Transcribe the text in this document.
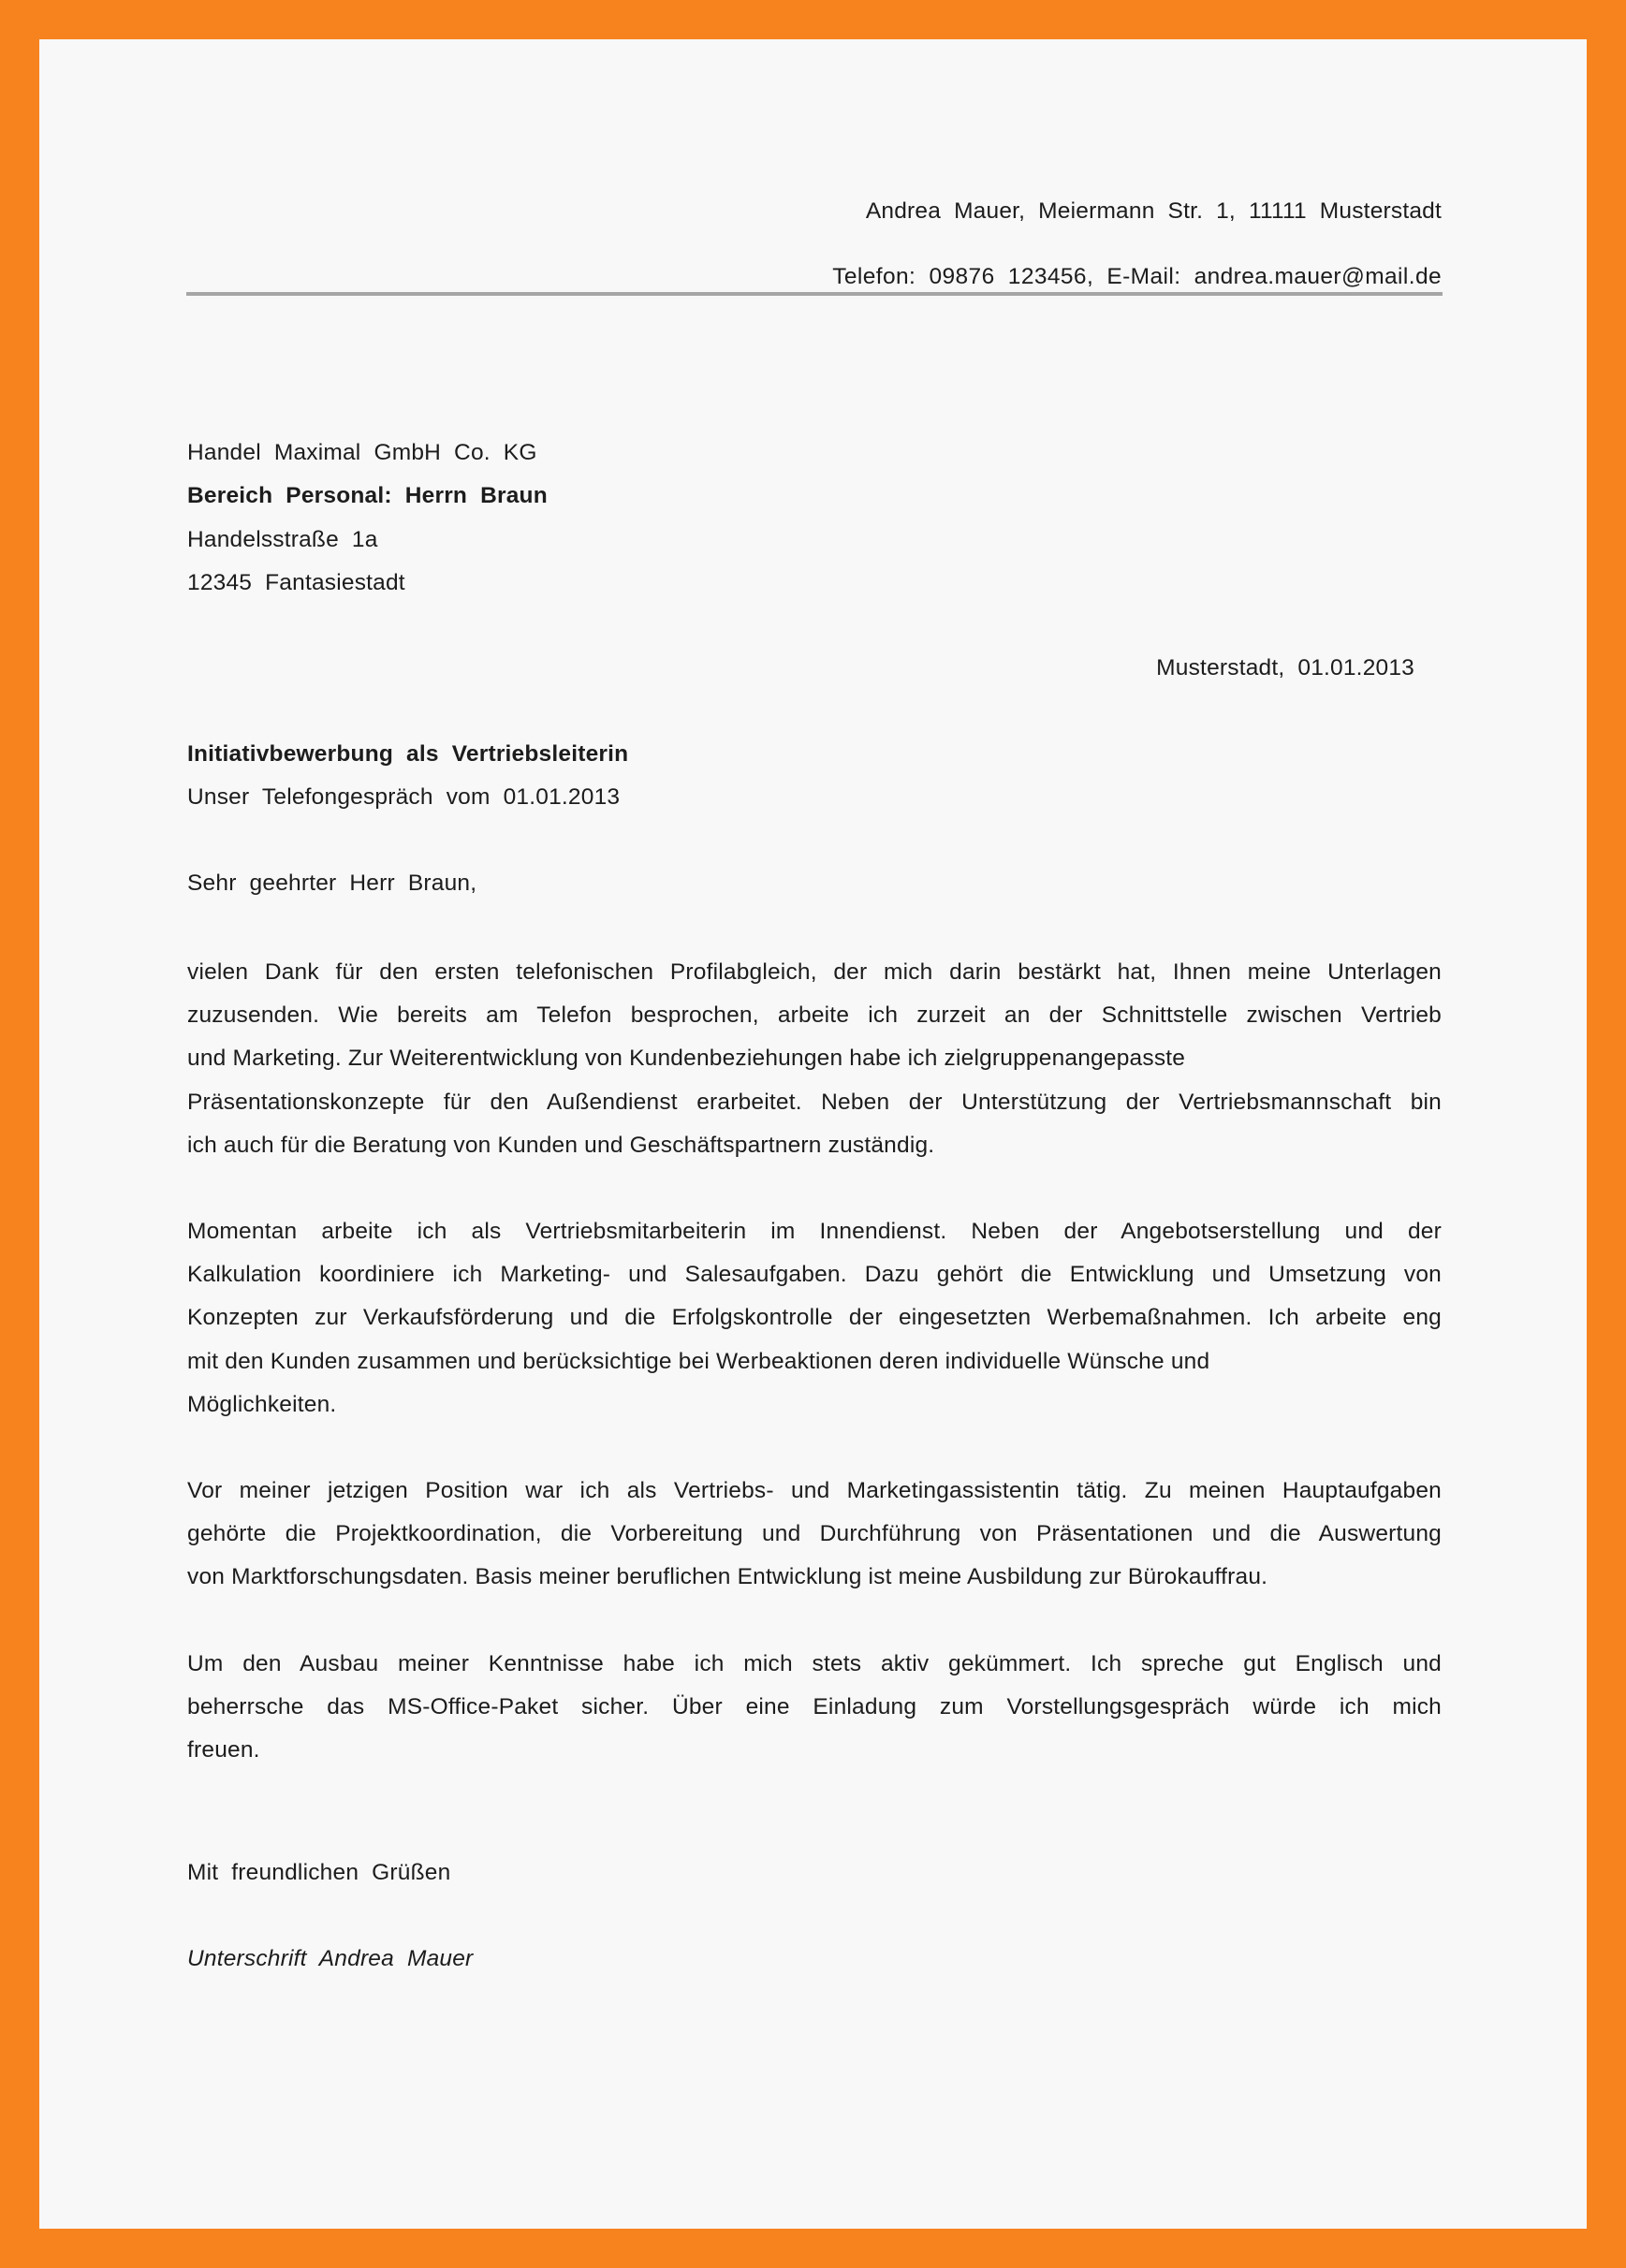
Andrea Mauer, Meiermann Str. 1, 11111 Musterstadt
Telefon: 09876 123456, E-Mail: andrea.mauer@mail.de
Handel Maximal GmbH Co. KG
Bereich Personal: Herrn Braun
Handelsstraße 1a
12345 Fantasiestadt
Musterstadt, 01.01.2013
Initiativbewerbung als Vertriebsleiterin
Unser Telefongespräch vom 01.01.2013
Sehr geehrter Herr Braun,
vielen Dank für den ersten telefonischen Profilabgleich, der mich darin bestärkt hat, Ihnen meine Unterlagen
zuzusenden. Wie bereits am Telefon besprochen, arbeite ich zurzeit an der Schnittstelle zwischen Vertrieb
und Marketing. Zur Weiterentwicklung von Kundenbeziehungen habe ich zielgruppenangepasste
Präsentationskonzepte für den Außendienst erarbeitet. Neben der Unterstützung der Vertriebsmannschaft bin
ich auch für die Beratung von Kunden und Geschäftspartnern zuständig.
Momentan arbeite ich als Vertriebsmitarbeiterin im Innendienst. Neben der Angebotserstellung und der
Kalkulation koordiniere ich Marketing- und Salesaufgaben. Dazu gehört die Entwicklung und Umsetzung von
Konzepten zur Verkaufsförderung und die Erfolgskontrolle der eingesetzten Werbemaßnahmen. Ich arbeite eng
mit den Kunden zusammen und berücksichtige bei Werbeaktionen deren individuelle Wünsche und
Möglichkeiten.
Vor meiner jetzigen Position war ich als Vertriebs- und Marketingassistentin tätig. Zu meinen Hauptaufgaben
gehörte die Projektkoordination, die Vorbereitung und Durchführung von Präsentationen und die Auswertung
von Marktforschungsdaten. Basis meiner beruflichen Entwicklung ist meine Ausbildung zur Bürokauffrau.
Um den Ausbau meiner Kenntnisse habe ich mich stets aktiv gekümmert. Ich spreche gut Englisch und
beherrsche das MS-Office-Paket sicher. Über eine Einladung zum Vorstellungsgespräch würde ich mich
freuen.
Mit freundlichen Grüßen
Unterschrift Andrea Mauer
